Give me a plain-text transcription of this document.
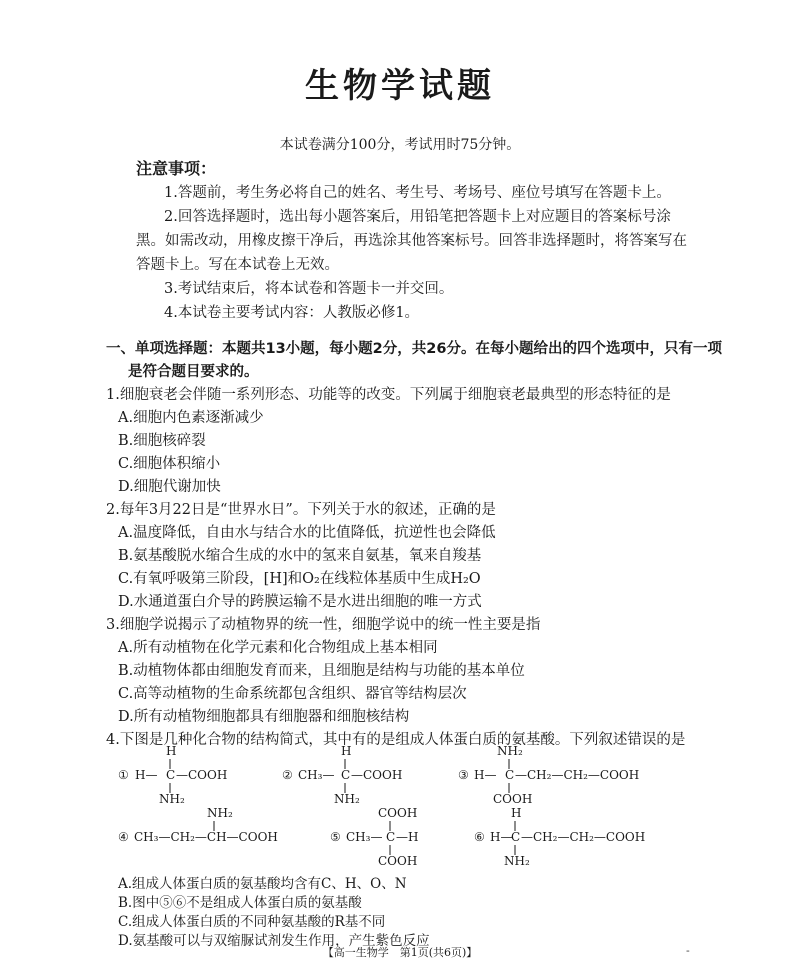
生物学试题
本试卷满分100分，考试用时75分钟。
注意事项：
1.答题前，考生务必将自己的姓名、考生号、考场号、座位号填写在答题卡上。
2.回答选择题时，选出每小题答案后，用铅笔把答题卡上对应题目的答案标号涂
黑。如需改动，用橡皮擦干净后，再选涂其他答案标号。回答非选择题时，将答案写在
答题卡上。写在本试卷上无效。
3.考试结束后，将本试卷和答题卡一并交回。
4.本试卷主要考试内容：人教版必修1。
一、单项选择题：本题共13小题，每小题2分，共26分。在每小题给出的四个选项中，只有一项
是符合题目要求的。
1.细胞衰老会伴随一系列形态、功能等的改变。下列属于细胞衰老最典型的形态特征的是
A.细胞内色素逐渐减少
B.细胞核碎裂
C.细胞体积缩小
D.细胞代谢加快
2.每年3月22日是“世界水日”。下列关于水的叙述，正确的是
A.温度降低，自由水与结合水的比值降低，抗逆性也会降低
B.氨基酸脱水缩合生成的水中的氢来自氨基，氧来自羧基
C.有氧呼吸第三阶段，[H]和O₂在线粒体基质中生成H₂O
D.水通道蛋白介导的跨膜运输不是水进出细胞的唯一方式
3.细胞学说揭示了动植物界的统一性，细胞学说中的统一性主要是指
A.所有动植物在化学元素和化合物组成上基本相同
B.动植物体都由细胞发育而来，且细胞是结构与功能的基本单位
C.高等动植物的生命系统都包含组织、器官等结构层次
D.所有动植物细胞都具有细胞器和细胞核结构
4.下图是几种化合物的结构简式，其中有的是组成人体蛋白质的氨基酸。下列叙述错误的是
①
H
H— C —COOH
NH₂
②
H
CH₃— C —COOH
NH₂
③
NH₂
H— C —CH₂—CH₂—COOH
COOH
④
NH₂
CH₃—CH₂—CH—COOH	⑤
COOH
CH₃— C —H
COOH
⑥
H
H—
C —CH₂—CH₂—COOH
NH₂
【高一生物学　第1页(共6页)】	-
A.组成人体蛋白质的氨基酸均含有C、H、O、N
B.图中⑤⑥不是组成人体蛋白质的氨基酸
C.组成人体蛋白质的不同种氨基酸的R基不同
D.氨基酸可以与双缩脲试剂发生作用，产生紫色反应
